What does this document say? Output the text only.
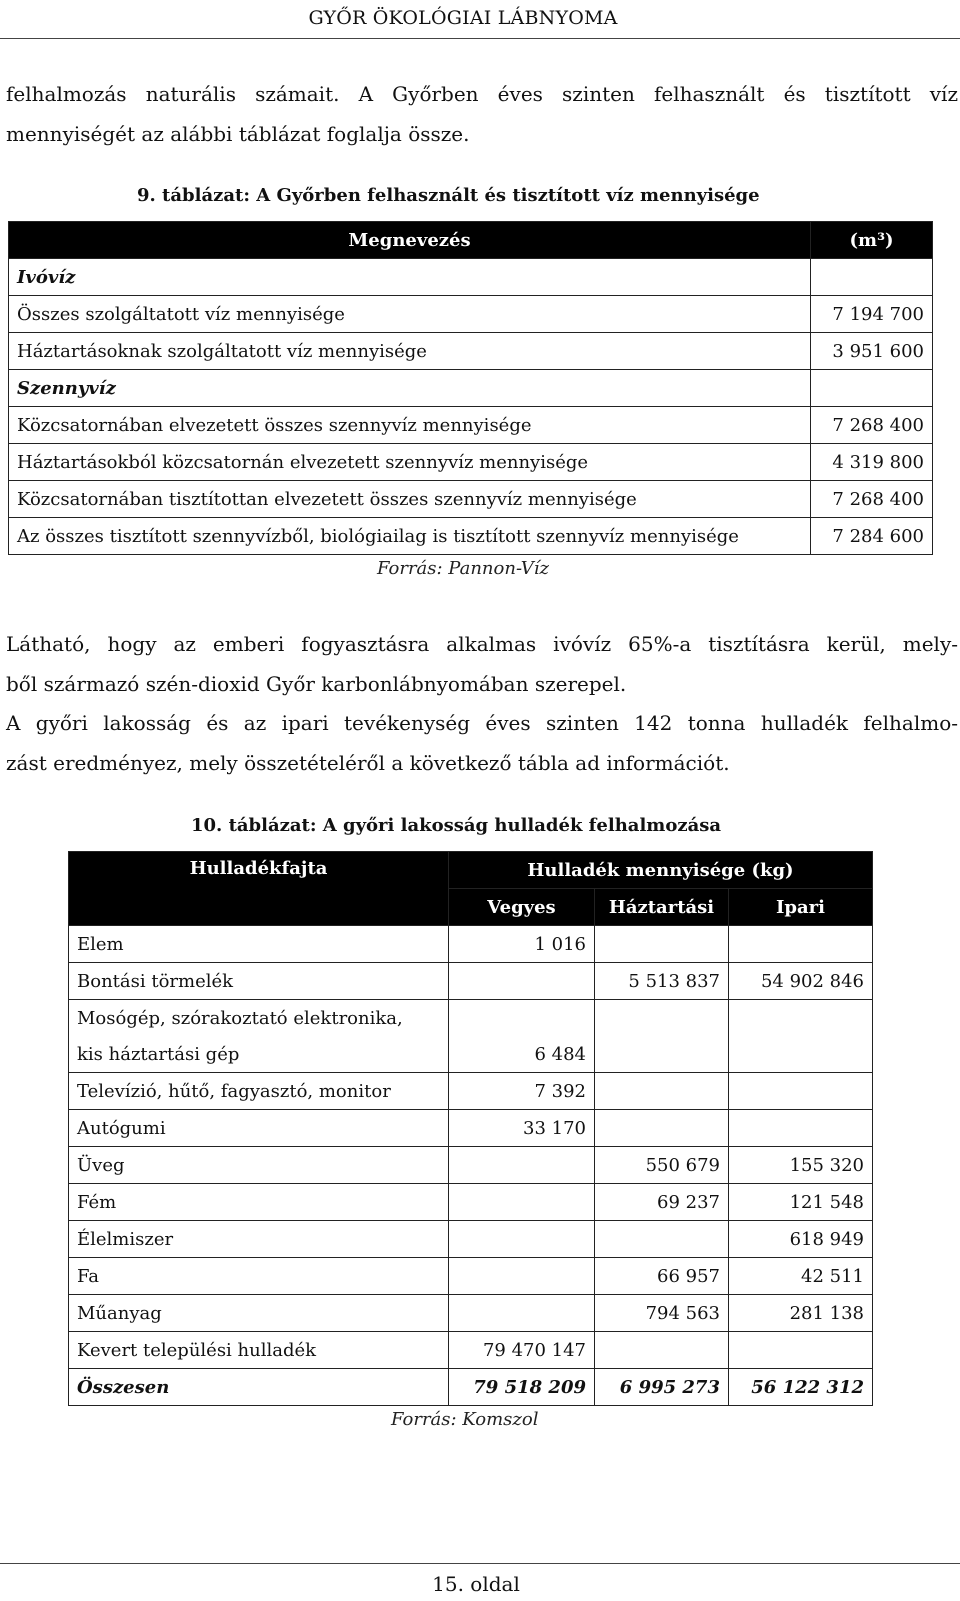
GYŐR ÖKOLÓGIAI LÁBNYOMA
felhalmozás naturális számait. A Győrben éves szinten felhasznált és tisztított víz
mennyiségét az alábbi táblázat foglalja össze.
9. táblázat: A Győrben felhasznált és tisztított víz mennyisége
Megnevezés	(m³)
Ivóvíz	
Összes szolgáltatott víz mennyisége	7 194 700
Háztartásoknak szolgáltatott víz mennyisége	3 951 600
Szennyvíz	
Közcsatornában elvezetett összes szennyvíz mennyisége	7 268 400
Háztartásokból közcsatornán elvezetett szennyvíz mennyisége	4 319 800
Közcsatornában tisztítottan elvezetett összes szennyvíz mennyisége	7 268 400
Az összes tisztított szennyvízből, biológiailag is tisztított szennyvíz mennyisége	7 284 600
Forrás: Pannon-Víz
Látható, hogy az emberi fogyasztásra alkalmas ivóvíz 65%-a tisztításra kerül, mely-
ből származó szén-dioxid Győr karbonlábnyomában szerepel.
A győri lakosság és az ipari tevékenység éves szinten 142 tonna hulladék felhalmo-
zást eredményez, mely összetételéről a következő tábla ad információt.
10. táblázat: A győri lakosság hulladék felhalmozása
Hulladékfajta	Hulladék mennyisége (kg)		
	Vegyes	Háztartási	Ipari
Elem	1 016		
Bontási törmelék		5 513 837	54 902 846
Mosógép, szórakoztató elektronika,			
kis háztartási gép	6 484		
Televízió, hűtő, fagyasztó, monitor	7 392		
Autógumi	33 170		
Üveg		550 679	155 320
Fém		69 237	121 548
Élelmiszer			618 949
Fa		66 957	42 511
Műanyag		794 563	281 138
Kevert települési hulladék	79 470 147		
Összesen	79 518 209	6 995 273	56 122 312
Forrás: Komszol
15. oldal
